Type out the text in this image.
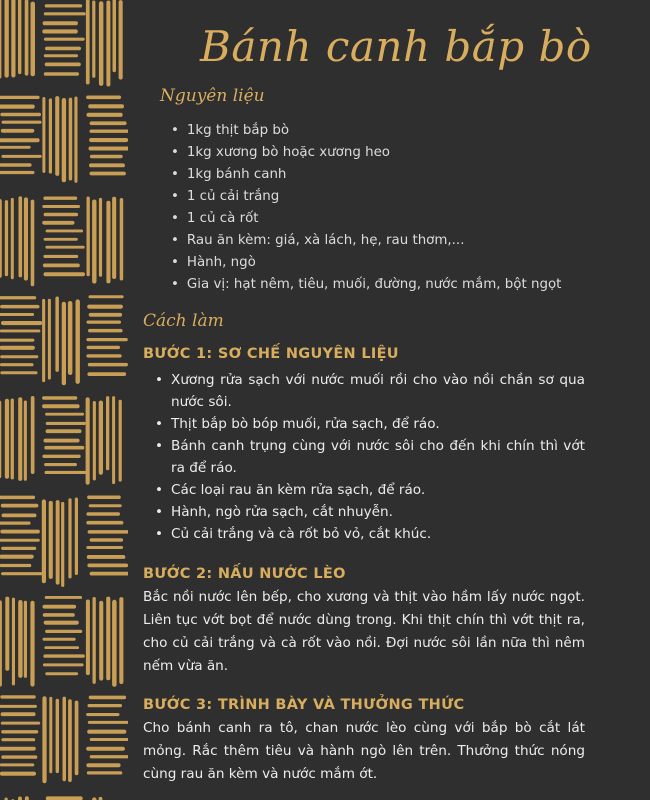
Bánh canh bắp bò
Nguyên liệu
• 1kg thịt bắp bò
• 1kg xương bò hoặc xương heo
• 1kg bánh canh
• 1 củ cải trắng
• 1 củ cà rốt
• Rau ăn kèm: giá, xà lách, hẹ, rau thơm,...
• Hành, ngò
• Gia vị: hạt nêm, tiêu, muối, đường, nước mắm, bột ngọt
Cách làm
BƯỚC 1: SƠ CHẾ NGUYÊN LIỆU
• Xương rửa sạch với nước muối rồi cho vào nồi chần sơ qua nước sôi.
• Thịt bắp bò bóp muối, rửa sạch, để ráo.
• Bánh canh trụng cùng với nước sôi cho đến khi chín thì vớt ra để ráo.
• Các loại rau ăn kèm rửa sạch, để ráo.
• Hành, ngò rửa sạch, cắt nhuyễn.
• Củ cải trắng và cà rốt bỏ vỏ, cắt khúc.
BƯỚC 2: NẤU NƯỚC LÈO

Bắc nồi nước lên bếp, cho xương và thịt vào hầm lấy nước ngọt. Liên tục vớt bọt để nước dùng trong. Khi thịt chín thì vớt thịt ra, cho củ cải trắng và cà rốt vào nồi. Đợi nước sôi lần nữa thì nêm nếm vừa ăn.

BƯỚC 3: TRÌNH BÀY VÀ THƯỞNG THỨC

Cho bánh canh ra tô, chan nước lèo cùng với bắp bò cắt lát mỏng. Rắc thêm tiêu và hành ngò lên trên. Thưởng thức nóng cùng rau ăn kèm và nước mắm ớt.
